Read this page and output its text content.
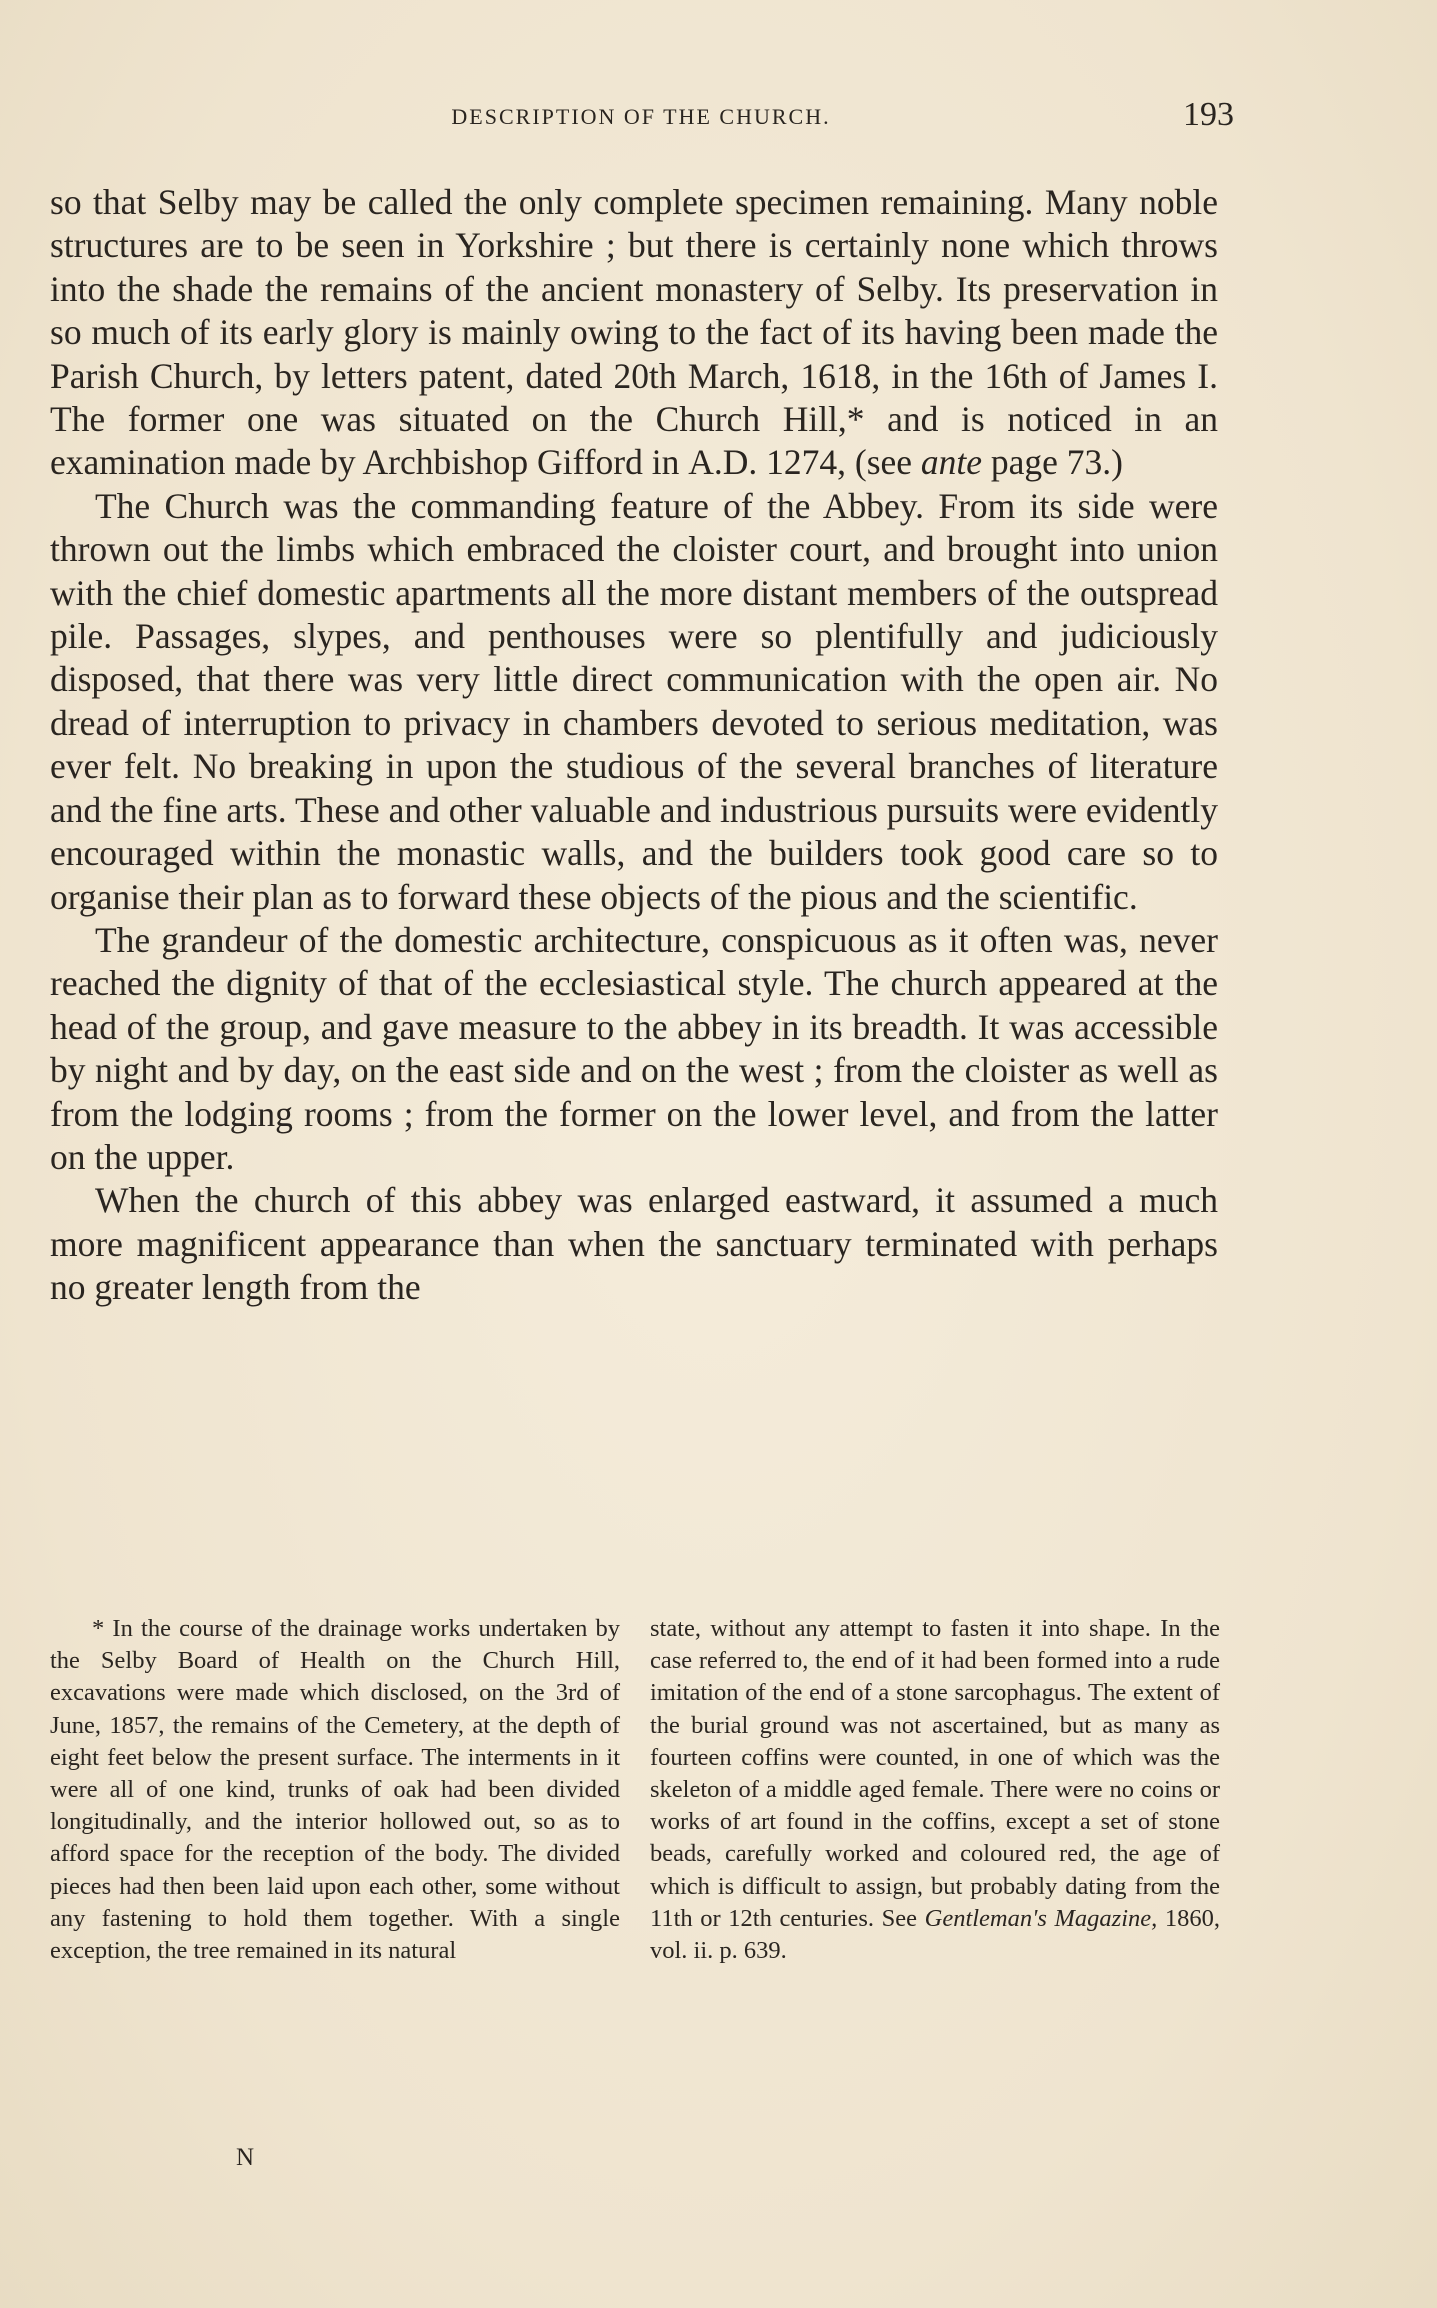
DESCRIPTION OF THE CHURCH.	193

so that Selby may be called the only complete specimen remaining. Many noble structures are to be seen in Yorkshire ; but there is certainly none which throws into the shade the remains of the ancient monastery of Selby. Its preservation in so much of its early glory is mainly owing to the fact of its having been made the Parish Church, by letters patent, dated 20th March, 1618, in the 16th of James I. The former one was situated on the Church Hill,* and is noticed in an examination made by Archbishop Gifford in A.D. 1274, (see ante page 73.)

The Church was the commanding feature of the Abbey. From its side were thrown out the limbs which embraced the cloister court, and brought into union with the chief domestic apartments all the more distant members of the outspread pile. Passages, slypes, and penthouses were so plentifully and judiciously disposed, that there was very little direct communication with the open air. No dread of interruption to privacy in chambers devoted to serious meditation, was ever felt. No breaking in upon the studious of the several branches of literature and the fine arts. These and other valuable and industrious pursuits were evidently encouraged within the monastic walls, and the builders took good care so to organise their plan as to forward these objects of the pious and the scientific.

The grandeur of the domestic architecture, conspicuous as it often was, never reached the dignity of that of the ecclesiastical style. The church appeared at the head of the group, and gave measure to the abbey in its breadth. It was accessible by night and by day, on the east side and on the west ; from the cloister as well as from the lodging rooms ; from the former on the lower level, and from the latter on the upper.

When the church of this abbey was enlarged eastward, it assumed a much more magnificent appearance than when the sanctuary terminated with perhaps no greater length from the

* In the course of the drainage works undertaken by the Selby Board of Health on the Church Hill, excavations were made which disclosed, on the 3rd of June, 1857, the remains of the Cemetery, at the depth of eight feet below the present surface. The interments in it were all of one kind, trunks of oak had been divided longitudinally, and the interior hollowed out, so as to afford space for the reception of the body. The divided pieces had then been laid upon each other, some without any fastening to hold them together. With a single exception, the tree remained in its natural

state, without any attempt to fasten it into shape. In the case referred to, the end of it had been formed into a rude imitation of the end of a stone sarcophagus. The extent of the burial ground was not ascertained, but as many as fourteen coffins were counted, in one of which was the skeleton of a middle aged female. There were no coins or works of art found in the coffins, except a set of stone beads, carefully worked and coloured red, the age of which is difficult to assign, but probably dating from the 11th or 12th centuries. See Gentleman's Magazine, 1860, vol. ii. p. 639.

N
